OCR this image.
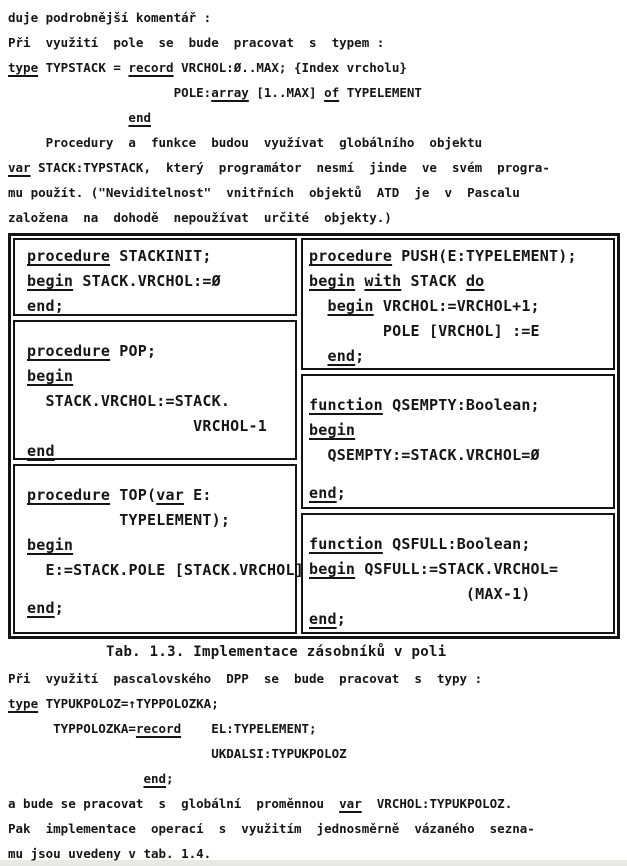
duje podrobnější komentář :
Při  využití  pole  se  bude  pracovat  s  typem :
type TYPSTACK = record VRCHOL:Ø..MAX; {Index vrcholu}
POLE:array [1..MAX] of TYPELEMENT
end
Procedury  a  funkce  budou  využívat  globálního  objektu
var STACK:TYPSTACK,  který  programátor  nesmí  jinde  ve  svém  progra-
mu použít. ("Neviditelnost"  vnitřních  objektů  ATD  je  v  Pascalu
založena  na  dohodě  nepoužívat  určité  objekty.)
procedure STACKINIT;
begin STACK.VRCHOL:=Ø
end;

procedure POP;
begin
STACK.VRCHOL:=STACK.
VRCHOL-1
end

procedure TOP(var E:
TYPELEMENT);
begin
E:=STACK.POLE [STACK.VRCHOL]

end;
procedure PUSH(E:TYPELEMENT);
begin with STACK do
begin VRCHOL:=VRCHOL+1;
POLE [VRCHOL] :=E
end;

function QSEMPTY:Boolean;
begin
QSEMPTY:=STACK.VRCHOL=Ø

end;

function QSFULL:Boolean;
begin QSFULL:=STACK.VRCHOL=
(MAX-1)
end;
Tab. 1.3. Implementace zásobníků v poli
Při  využití  pascalovského  DPP  se  bude  pracovat  s  typy :
type TYPUKPOLOZ=↑TYPPOLOZKA;
TYPPOLOZKA=record    EL:TYPELEMENT;
UKDALSI:TYPUKPOLOZ
end;
a bude se pracovat  s  globální  proměnnou  var  VRCHOL:TYPUKPOLOZ.
Pak  implementace  operací  s  využitím  jednosměrně  vázaného  sezna-
mu jsou uvedeny v tab. 1.4.
